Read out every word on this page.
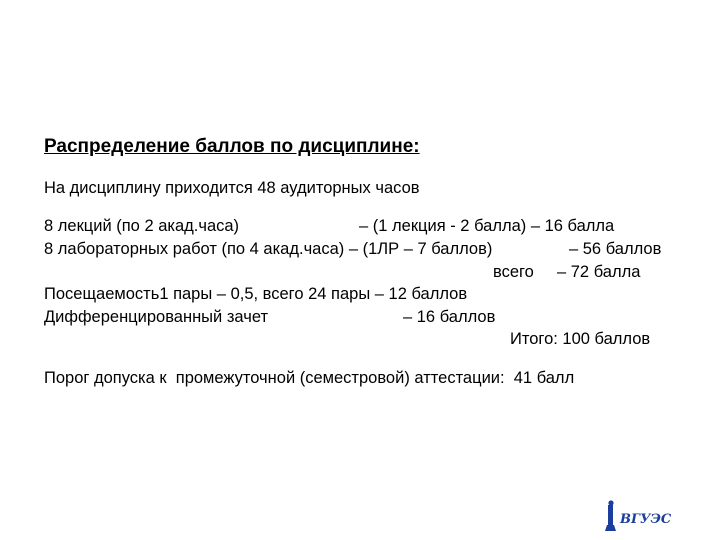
Распределение баллов по дисциплине:
На дисциплину приходится 48 аудиторных часов
8 лекций (по 2 акад.часа)	– (1 лекция - 2 балла) – 16 балла
8 лабораторных работ (по 4 акад.часа) – (1ЛР – 7 баллов)	– 56 баллов
всего – 72 балла
Посещаемость1 пары – 0,5, всего 24 пары – 12 баллов
Дифференцированный зачет	– 16 баллов
Итого: 100 баллов
Порог допуска к  промежуточной (семестровой) аттестации:  41 балл
ВГУЭС
